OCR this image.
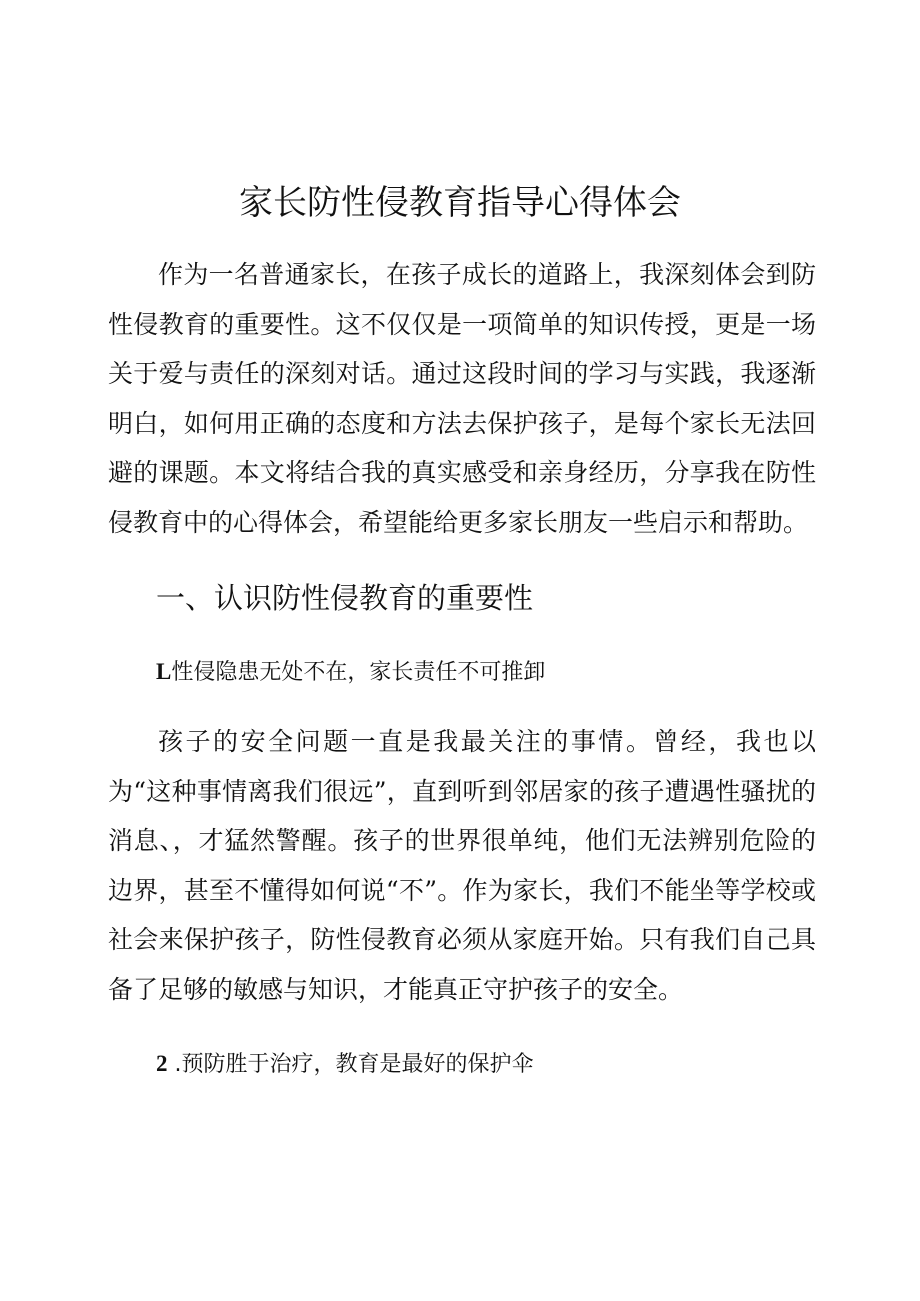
家长防性侵教育指导心得体会

作为一名普通家长，在孩子成长的道路上，我深刻体会到防性侵教育的重要性。这不仅仅是一项简单的知识传授，更是一场关于爱与责任的深刻对话。通过这段时间的学习与实践，我逐渐明白，如何用正确的态度和方法去保护孩子，是每个家长无法回避的课题。本文将结合我的真实感受和亲身经历，分享我在防性侵教育中的心得体会，希望能给更多家长朋友一些启示和帮助。

一、认识防性侵教育的重要性
L性侵隐患无处不在，家长责任不可推卸

孩子的安全问题一直是我最关注的事情。曾经，我也以为“这种事情离我们很远”，直到听到邻居家的孩子遭遇性骚扰的消息、，才猛然警醒。孩子的世界很单纯，他们无法辨别危险的边界，甚至不懂得如何说“不”。作为家长，我们不能坐等学校或社会来保护孩子，防性侵教育必须从家庭开始。只有我们自己具备了足够的敏感与知识，才能真正守护孩子的安全。

2 .预防胜于治疗，教育是最好的保护伞
